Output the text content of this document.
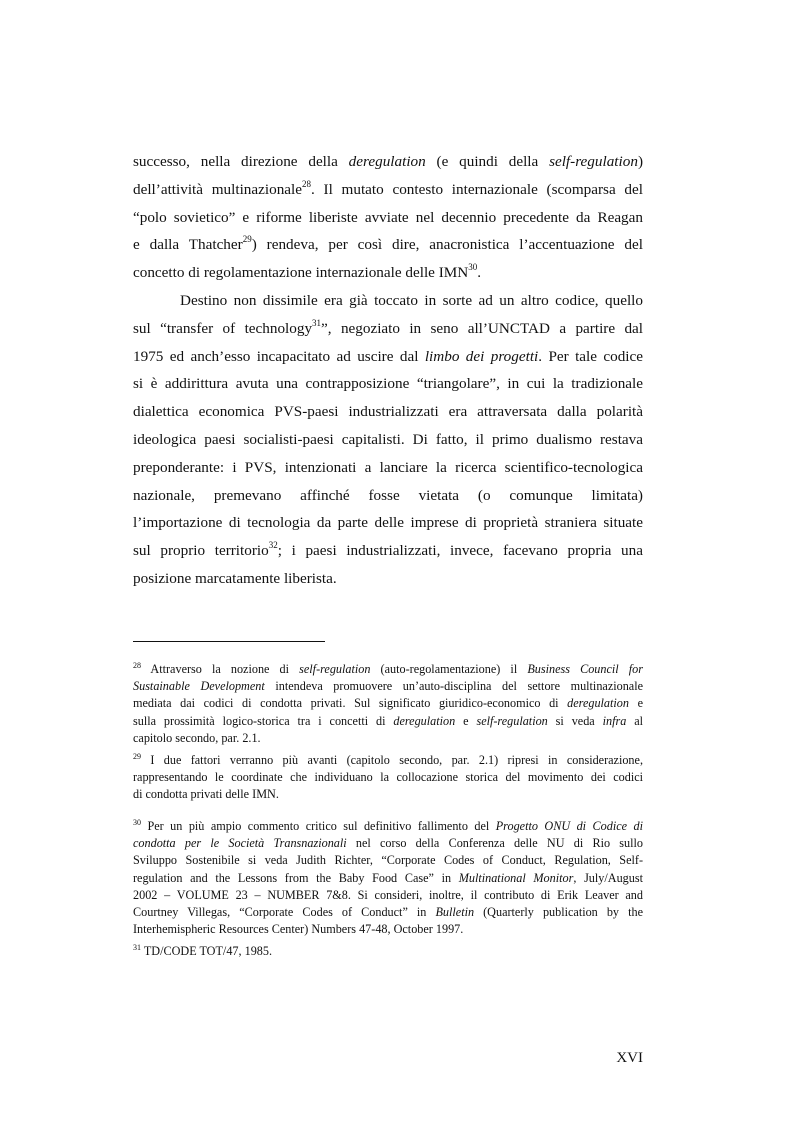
successo, nella direzione della deregulation (e quindi della self-regulation)
dell’attività multinazionale$^{28}$. Il mutato contesto internazionale (scomparsa del
“polo sovietico” e riforme liberiste avviate nel decennio precedente da Reagan
e dalla Thatcher$^{29}$) rendeva, per così dire, anacronistica l’accentuazione del
concetto di regolamentazione internazionale delle IMN$^{30}$.
Destino non dissimile era già toccato in sorte ad un altro codice, quello
sul “transfer of technology$^{31}$”, negoziato in seno all’UNCTAD a partire dal
1975 ed anch’esso incapacitato ad uscire dal limbo dei progetti. Per tale codice
si è addirittura avuta una contrapposizione “triangolare”, in cui la tradizionale
dialettica economica PVS-paesi industrializzati era attraversata dalla polarità
ideologica paesi socialisti-paesi capitalisti. Di fatto, il primo dualismo restava
preponderante: i PVS, intenzionati a lanciare la ricerca scientifico-tecnologica
nazionale, premevano affinché fosse vietata (o comunque limitata)
l’importazione di tecnologia da parte delle imprese di proprietà straniera situate
sul proprio territorio$^{32}$; i paesi industrializzati, invece, facevano propria una
posizione marcatamente liberista.
$^{28}$ Attraverso la nozione di self-regulation (auto-regolamentazione) il Business Council for
Sustainable Development intendeva promuovere un’auto-disciplina del settore multinazionale
mediata dai codici di condotta privati. Sul significato giuridico-economico di deregulation e
sulla prossimità logico-storica tra i concetti di deregulation e self-regulation si veda infra al
capitolo secondo, par. 2.1.
$^{29}$ I due fattori verranno più avanti (capitolo secondo, par. 2.1) ripresi in considerazione,
rappresentando le coordinate che individuano la collocazione storica del movimento dei codici
di condotta privati delle IMN.
$^{30}$ Per un più ampio commento critico sul definitivo fallimento del Progetto ONU di Codice di
condotta per le Società Transnazionali nel corso della Conferenza delle NU di Rio sullo
Sviluppo Sostenibile si veda Judith Richter, “Corporate Codes of Conduct, Regulation, Self-
regulation and the Lessons from the Baby Food Case” in Multinational Monitor, July/August
2002 – VOLUME 23 – NUMBER 7&8. Si consideri, inoltre, il contributo di Erik Leaver and
Courtney Villegas, “Corporate Codes of Conduct” in Bulletin (Quarterly publication by the
Interhemispheric Resources Center) Numbers 47-48, October 1997.
$^{31}$ TD/CODE TOT/47, 1985.
XVI
